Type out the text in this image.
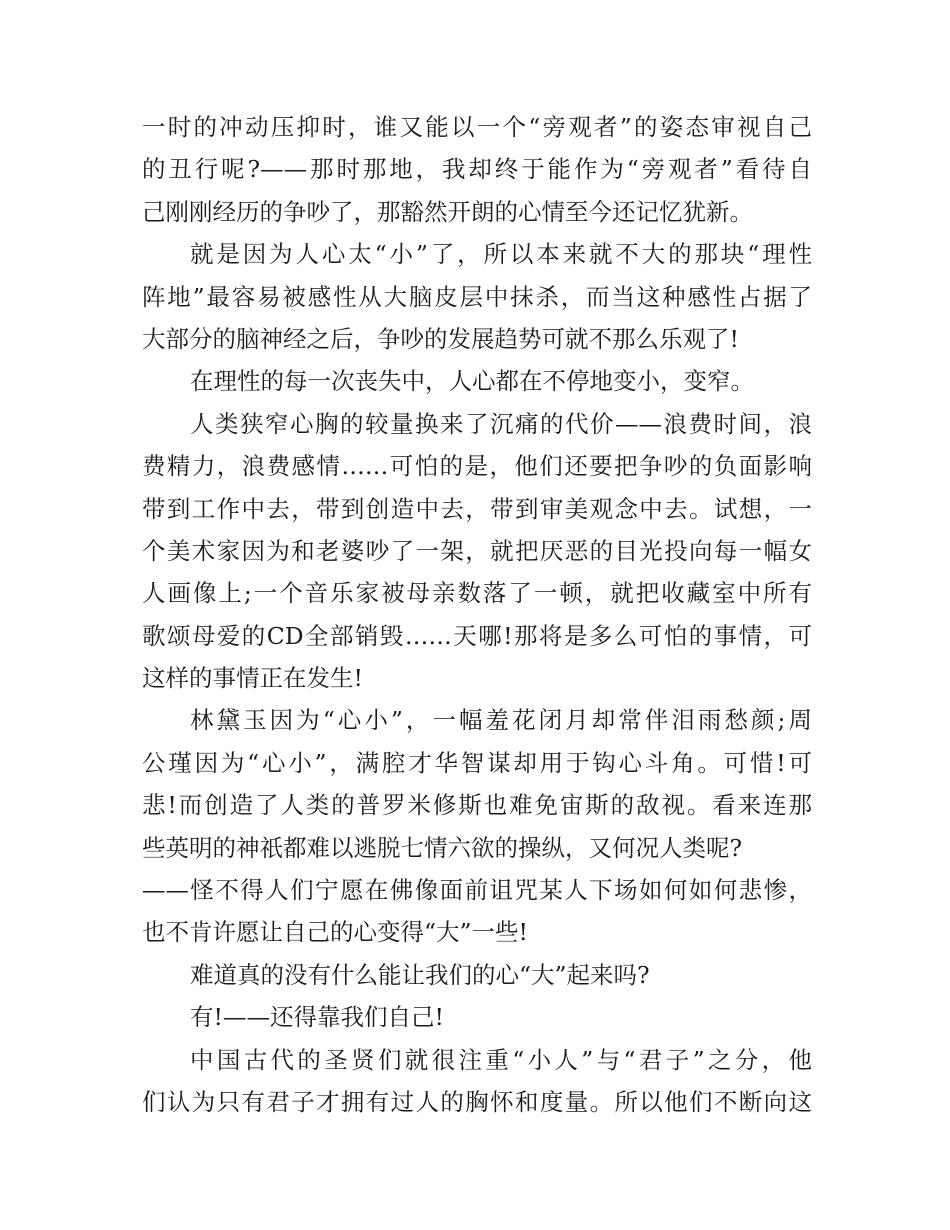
一时的冲动压抑时，谁又能以一个“旁观者”的姿态审视自己
的丑行呢?——那时那地，我却终于能作为“旁观者”看待自
己刚刚经历的争吵了，那豁然开朗的心情至今还记忆犹新。
就是因为人心太“小”了，所以本来就不大的那块“理性
阵地”最容易被感性从大脑皮层中抹杀，而当这种感性占据了
大部分的脑神经之后，争吵的发展趋势可就不那么乐观了!
在理性的每一次丧失中，人心都在不停地变小，变窄。
人类狭窄心胸的较量换来了沉痛的代价——浪费时间，浪
费精力，浪费感情……可怕的是，他们还要把争吵的负面影响
带到工作中去，带到创造中去，带到审美观念中去。试想，一
个美术家因为和老婆吵了一架，就把厌恶的目光投向每一幅女
人画像上;一个音乐家被母亲数落了一顿，就把收藏室中所有
歌颂母爱的CD全部销毁……天哪!那将是多么可怕的事情，可
这样的事情正在发生!
林黛玉因为“心小”，一幅羞花闭月却常伴泪雨愁颜;周
公瑾因为“心小”，满腔才华智谋却用于钩心斗角。可惜!可
悲!而创造了人类的普罗米修斯也难免宙斯的敌视。看来连那
些英明的神祇都难以逃脱七情六欲的操纵，又何况人类呢?
——怪不得人们宁愿在佛像面前诅咒某人下场如何如何悲惨，
也不肯许愿让自己的心变得“大”一些!
难道真的没有什么能让我们的心“大”起来吗?
有!——还得靠我们自己!
中国古代的圣贤们就很注重“小人”与“君子”之分，他
们认为只有君子才拥有过人的胸怀和度量。所以他们不断向这
